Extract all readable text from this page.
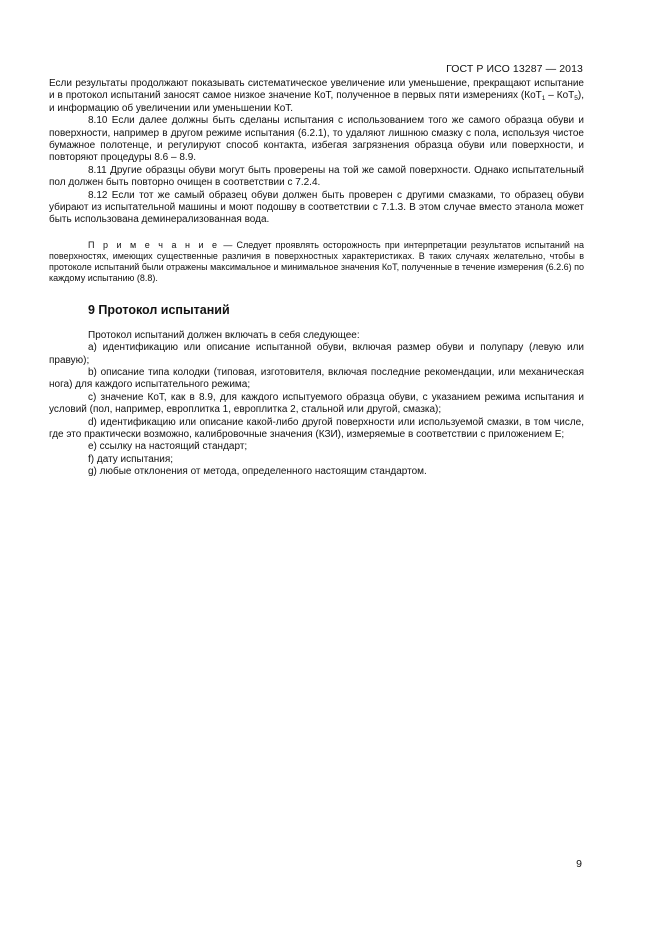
ГОСТ Р ИСО 13287 — 2013

Если результаты продолжают показывать систематическое увеличение или уменьшение, прекращают испытание и в протокол испытаний заносят самое низкое значение КоТ, полученное в первых пяти измерениях (КоТ$_1$ – КоТ$_5$), и информацию об увеличении или уменьшении КоТ.

8.10 Если далее должны быть сделаны испытания с использованием того же самого образца обуви и поверхности, например в другом режиме испытания (6.2.1), то удаляют лишнюю смазку с пола, используя чистое бумажное полотенце, и регулируют способ контакта, избегая загрязнения образца обуви или поверхности, и повторяют процедуры 8.6 – 8.9.

8.11 Другие образцы обуви могут быть проверены на той же самой поверхности. Однако испытательный пол должен быть повторно очищен в соответствии с 7.2.4.

8.12 Если тот же самый образец обуви должен быть проверен с другими смазками, то образец обуви убирают из испытательной машины и моют подошву в соответствии с 7.1.3. В этом случае вместо этанола может быть использована деминерализованная вода.

П р и м е ч а н и е — Следует проявлять осторожность при интерпретации результатов испытаний на поверхностях, имеющих существенные различия в поверхностных характеристиках. В таких случаях желательно, чтобы в протоколе испытаний были отражены максимальное и минимальное значения КоТ, полученные в течение измерения (6.2.6) по каждому испытанию (8.8).
9 Протокол испытаний

Протокол испытаний должен включать в себя следующее:

а) идентификацию или описание испытанной обуви, включая размер обуви и полупару (левую или правую);

b) описание типа колодки (типовая, изготовителя, включая последние рекомендации, или механическая нога) для каждого испытательного режима;

с) значение КоТ, как в 8.9, для каждого испытуемого образца обуви, с указанием режима испытания и условий (пол, например, европлитка 1, европлитка 2, стальной или другой, смазка);

d) идентификацию или описание какой-либо другой поверхности или используемой смазки, в том числе, где это практически возможно, калибровочные значения (КЗИ), измеряемые в соответствии с приложением Е;

е) ссылку на настоящий стандарт;

f) дату испытания;

g) любые отклонения от метода, определенного настоящим стандартом.

9
